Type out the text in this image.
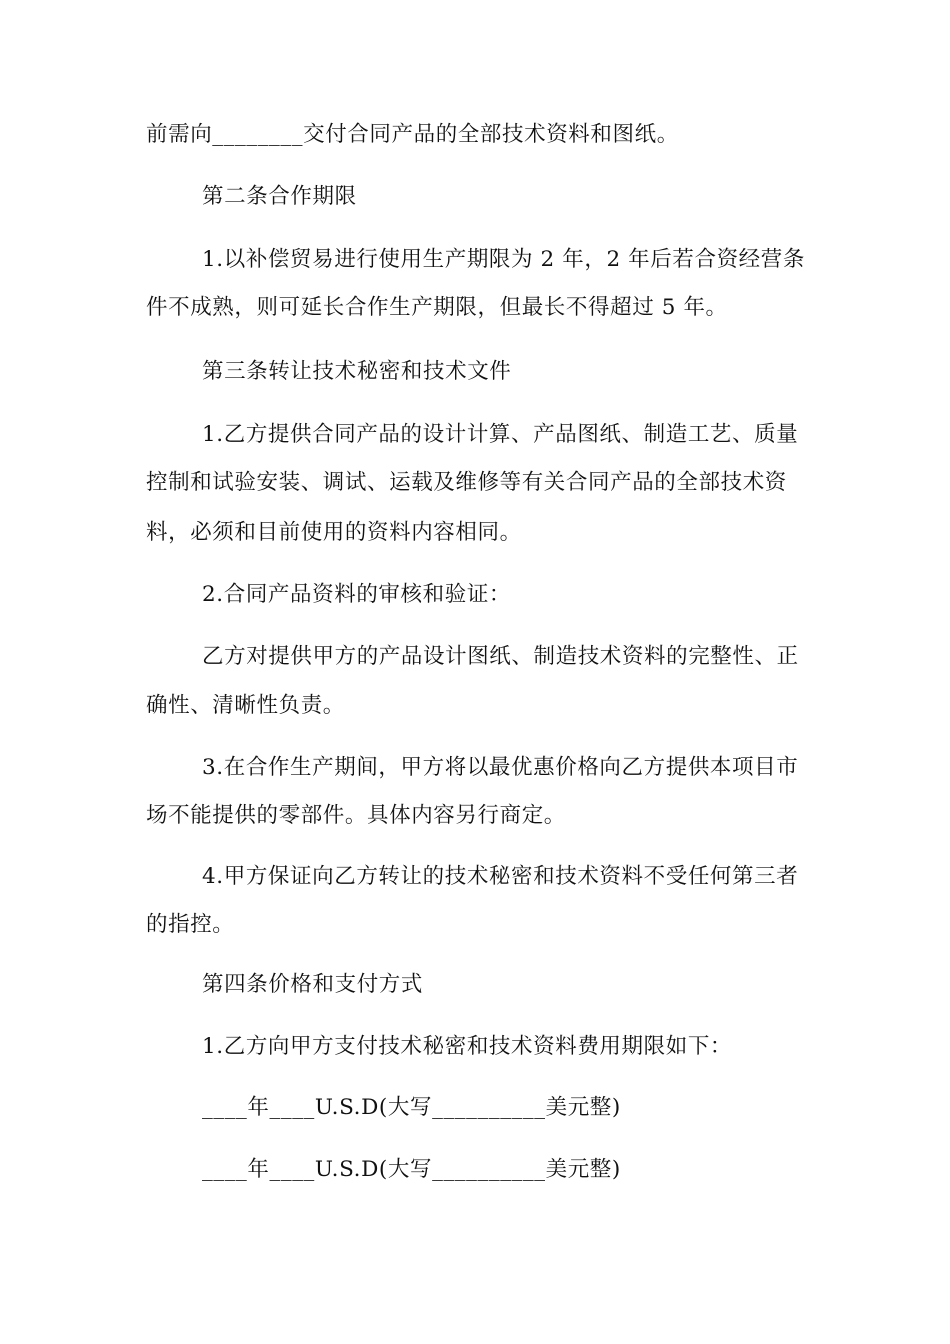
前需向________交付合同产品的全部技术资料和图纸。
第二条合作期限
1.以补偿贸易进行使用生产期限为 2 年，2 年后若合资经营条
件不成熟，则可延长合作生产期限，但最长不得超过 5 年。
第三条转让技术秘密和技术文件
1.乙方提供合同产品的设计计算、产品图纸、制造工艺、质量
控制和试验安装、调试、运载及维修等有关合同产品的全部技术资
料，必须和目前使用的资料内容相同。
2.合同产品资料的审核和验证：
乙方对提供甲方的产品设计图纸、制造技术资料的完整性、正
确性、清晰性负责。
3.在合作生产期间，甲方将以最优惠价格向乙方提供本项目市
场不能提供的零部件。具体内容另行商定。
4.甲方保证向乙方转让的技术秘密和技术资料不受任何第三者
的指控。
第四条价格和支付方式
1.乙方向甲方支付技术秘密和技术资料费用期限如下：
____年____U.S.D(大写__________美元整)
____年____U.S.D(大写__________美元整)
